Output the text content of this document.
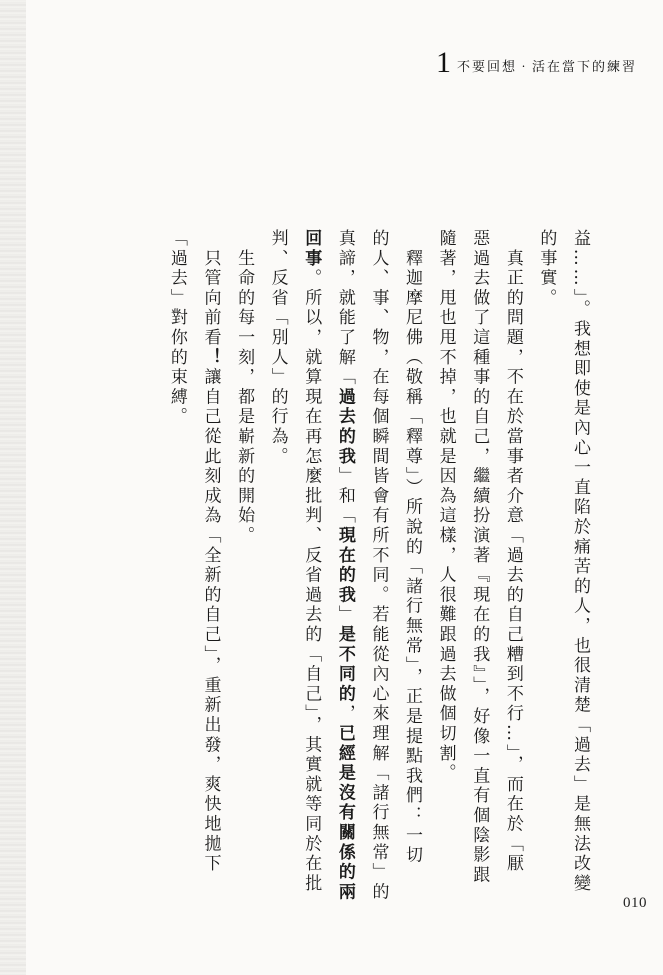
1 不要回想‧活在當下的練習

益……」。我想即使是內心一直陷於痛苦的人，也很清楚「過去」是無法改變

的事實。

　真正的問題，不在於當事者介意「過去的自己糟到不行…」，而在於「厭

惡過去做了這種事的自己，繼續扮演著『現在的我』」，好像一直有個陰影跟

隨著，甩也甩不掉，也就是因為這樣，人很難跟過去做個切割。

　釋迦摩尼佛（敬稱「釋尊」）所說的「諸行無常」，正是提點我們：一切

的人、事、物，在每個瞬間皆會有所不同。若能從內心來理解「諸行無常」的

真諦，就能了解「過去的我」和「現在的我」是不同的，已經是沒有關係的兩

回事。所以，就算現在再怎麼批判、反省過去的「自己」，其實就等同於在批

判、反省「別人」的行為。

　生命的每一刻，都是嶄新的開始。

　只管向前看！讓自己從此刻成為「全新的自己」，重新出發，爽快地拋下

「過去」對你的束縛。

010
